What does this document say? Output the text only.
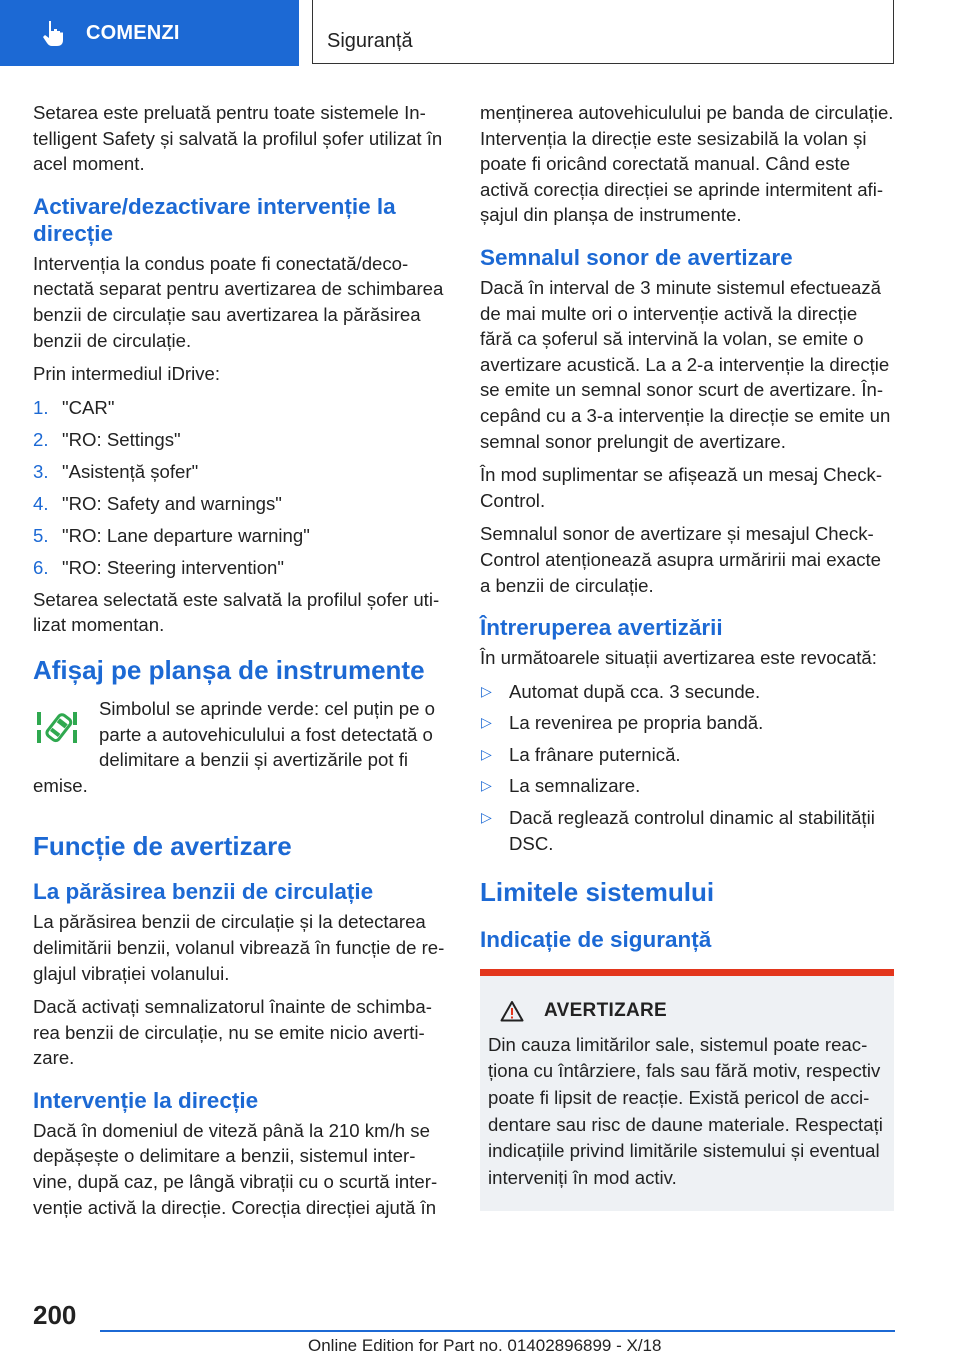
COMENZI	Siguranță

Setarea este preluată pentru toate sistemele Intelligent Safety și salvată la profilul șofer utilizat în acel moment.

Activare/dezactivare intervenție la direcție

Intervenția la condus poate fi conectată/deconectată separat pentru avertizarea de schimbarea benzii de circulație sau avertizarea la părăsirea benzii de circulație.

Prin intermediul iDrive:

1. "CAR"
2. "RO: Settings"
3. "Asistență șofer"
4. "RO: Safety and warnings"
5. "RO: Lane departure warning"
6. "RO: Steering intervention"

Setarea selectată este salvată la profilul șofer utilizat momentan.

Afișaj pe planșa de instrumente

Simbolul se aprinde verde: cel puțin pe o parte a autovehiculului a fost detectată o delimitare a benzii și avertizările pot fi emise.

Funcție de avertizare
La părăsirea benzii de circulație

La părăsirea benzii de circulație și la detectarea delimitării benzii, volanul vibrează în funcție de reglajul vibrației volanului.

Dacă activați semnalizatorul înainte de schimbarea benzii de circulație, nu se emite nicio avertizare.

Intervenție la direcție

Dacă în domeniul de viteză până la 210 km/h se depășește o delimitare a benzii, sistemul intervine, după caz, pe lângă vibrații cu o scurtă intervenție activă la direcție. Corecția direcției ajută în

menținerea autovehiculului pe banda de circulație. Intervenția la direcție este sesizabilă la volan și poate fi oricând corectată manual. Când este activă corecția direcției se aprinde intermitent afișajul din planșa de instrumente.

Semnalul sonor de avertizare

Dacă în interval de 3 minute sistemul efectuează de mai multe ori o intervenție activă la direcție fără ca șoferul să intervină la volan, se emite o avertizare acustică. La a 2-a intervenție la direcție se emite un semnal sonor scurt de avertizare. Începând cu a 3-a intervenție la direcție se emite un semnal sonor prelungit de avertizare.

În mod suplimentar se afișează un mesaj Check-Control.

Semnalul sonor de avertizare și mesajul Check-Control atenționează asupra urmăririi mai exacte a benzii de circulație.

Întreruperea avertizării

În următoarele situații avertizarea este revocată:

▷ Automat după cca. 3 secunde.
▷ La revenirea pe propria bandă.
▷ La frânare puternică.
▷ La semnalizare.
▷ Dacă reglează controlul dinamic al stabilității DSC.
Limitele sistemului
Indicație de siguranță
AVERTIZARE

Din cauza limitărilor sale, sistemul poate reacționa cu întârziere, fals sau fără motiv, respectiv poate fi lipsit de reacție. Există pericol de accidentare sau risc de daune materiale. Respectați indicațiile privind limitările sistemului și eventual interveniți în mod activ.

200
Online Edition for Part no. 01402896899 - X/18
